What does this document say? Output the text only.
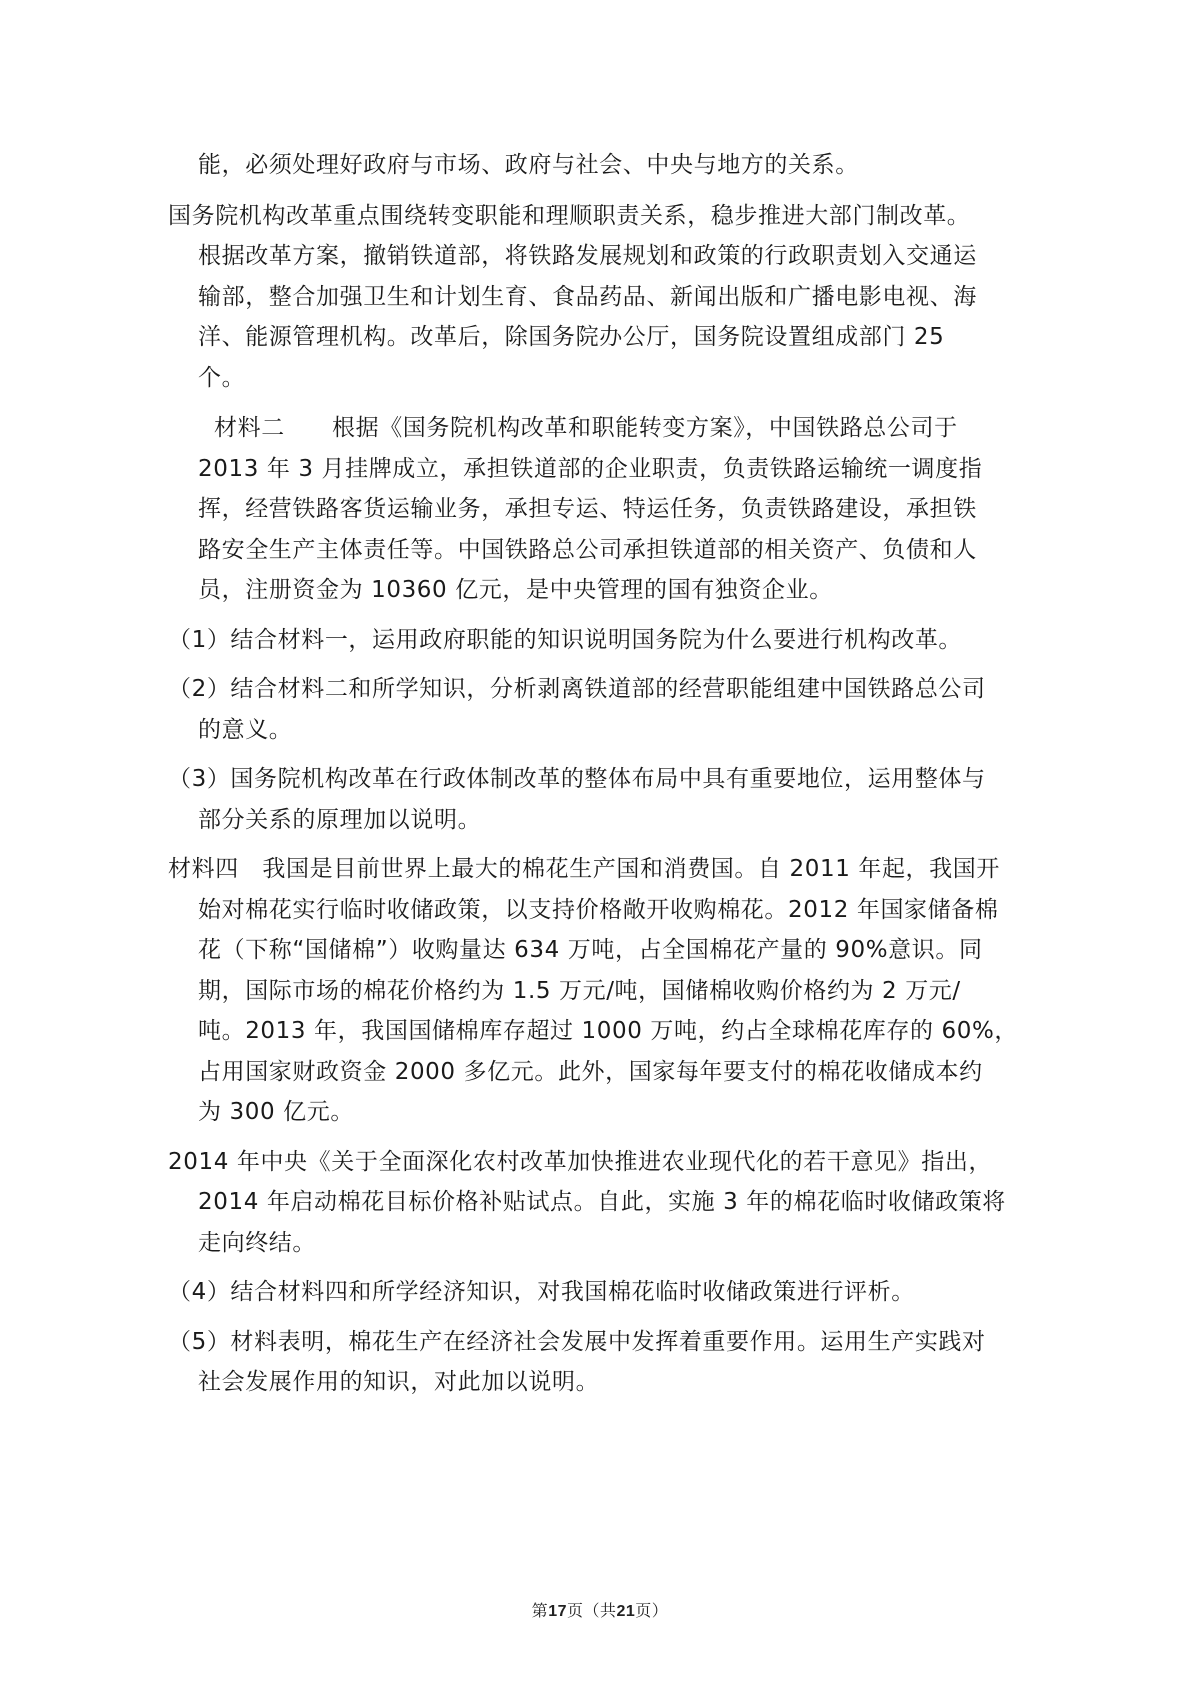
能，必须处理好政府与市场、政府与社会、中央与地方的关系。
国务院机构改革重点围绕转变职能和理顺职责关系，稳步推进大部门制改革。
根据改革方案，撤销铁道部，将铁路发展规划和政策的行政职责划入交通运
输部，整合加强卫生和计划生育、食品药品、新闻出版和广播电影电视、海
洋、能源管理机构。改革后，除国务院办公厅，国务院设置组成部门 25
个。
材料二　　根据《国务院机构改革和职能转变方案》，中国铁路总公司于
2013 年 3 月挂牌成立，承担铁道部的企业职责，负责铁路运输统一调度指
挥，经营铁路客货运输业务，承担专运、特运任务，负责铁路建设，承担铁
路安全生产主体责任等。中国铁路总公司承担铁道部的相关资产、负债和人
员，注册资金为 10360 亿元，是中央管理的国有独资企业。
（1）结合材料一，运用政府职能的知识说明国务院为什么要进行机构改革。
（2）结合材料二和所学知识，分析剥离铁道部的经营职能组建中国铁路总公司
的意义。
（3）国务院机构改革在行政体制改革的整体布局中具有重要地位，运用整体与
部分关系的原理加以说明。
材料四　我国是目前世界上最大的棉花生产国和消费国。自 2011 年起，我国开
始对棉花实行临时收储政策，以支持价格敞开收购棉花。2012 年国家储备棉
花（下称“国储棉”）收购量达 634 万吨，占全国棉花产量的 90%意识。同
期，国际市场的棉花价格约为 1.5 万元/吨，国储棉收购价格约为 2 万元/
吨。2013 年，我国国储棉库存超过 1000 万吨，约占全球棉花库存的 60%，
占用国家财政资金 2000 多亿元。此外，国家每年要支付的棉花收储成本约
为 300 亿元。
2014 年中央《关于全面深化农村改革加快推进农业现代化的若干意见》指出，
2014 年启动棉花目标价格补贴试点。自此，实施 3 年的棉花临时收储政策将
走向终结。
（4）结合材料四和所学经济知识，对我国棉花临时收储政策进行评析。
（5）材料表明，棉花生产在经济社会发展中发挥着重要作用。运用生产实践对
社会发展作用的知识，对此加以说明。
第17页（共21页）
